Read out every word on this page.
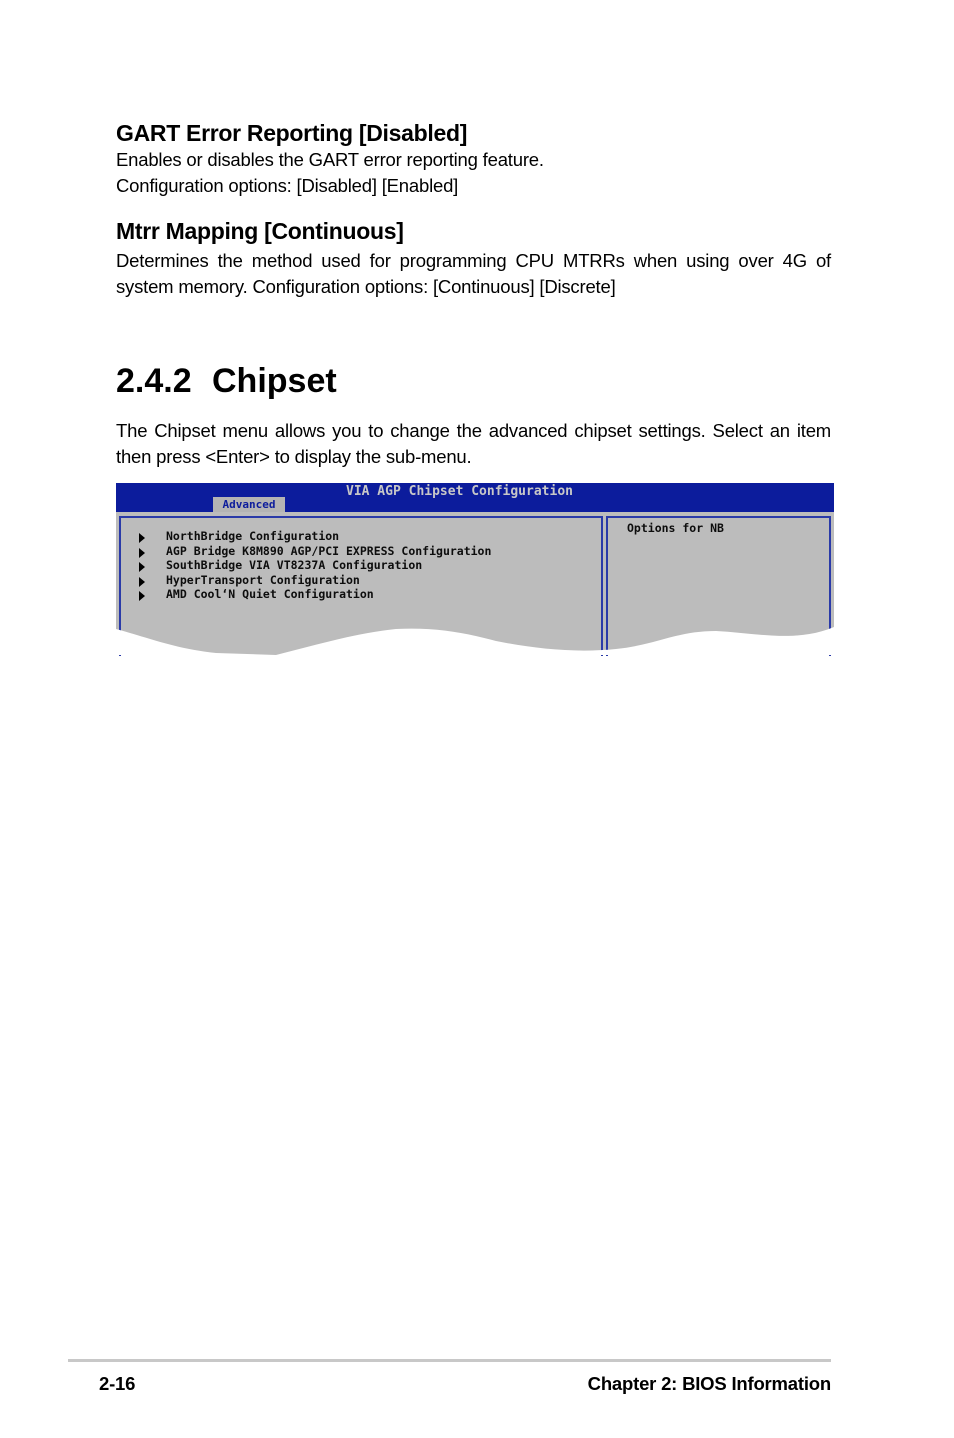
GART Error Reporting [Disabled]

Enables or disables the GART error reporting feature.

Configuration options: [Disabled] [Enabled]

Mtrr Mapping [Continuous]

Determines the method used for programming CPU MTRRs when using over 4G of system memory. Configuration options: [Continuous] [Discrete]

2.4.2 Chipset

The Chipset menu allows you to change the advanced chipset settings. Select an item then press <Enter> to display the sub-menu.

Advanced
VIA AGP Chipset Configuration
NorthBridge Configuration
AGP Bridge K8M890 AGP/PCI EXPRESS Configuration
SouthBridge VIA VT8237A Configuration
HyperTransport Configuration
AMD Cool‘N Quiet Configuration
Options for NB
2-16	Chapter 2: BIOS Information
